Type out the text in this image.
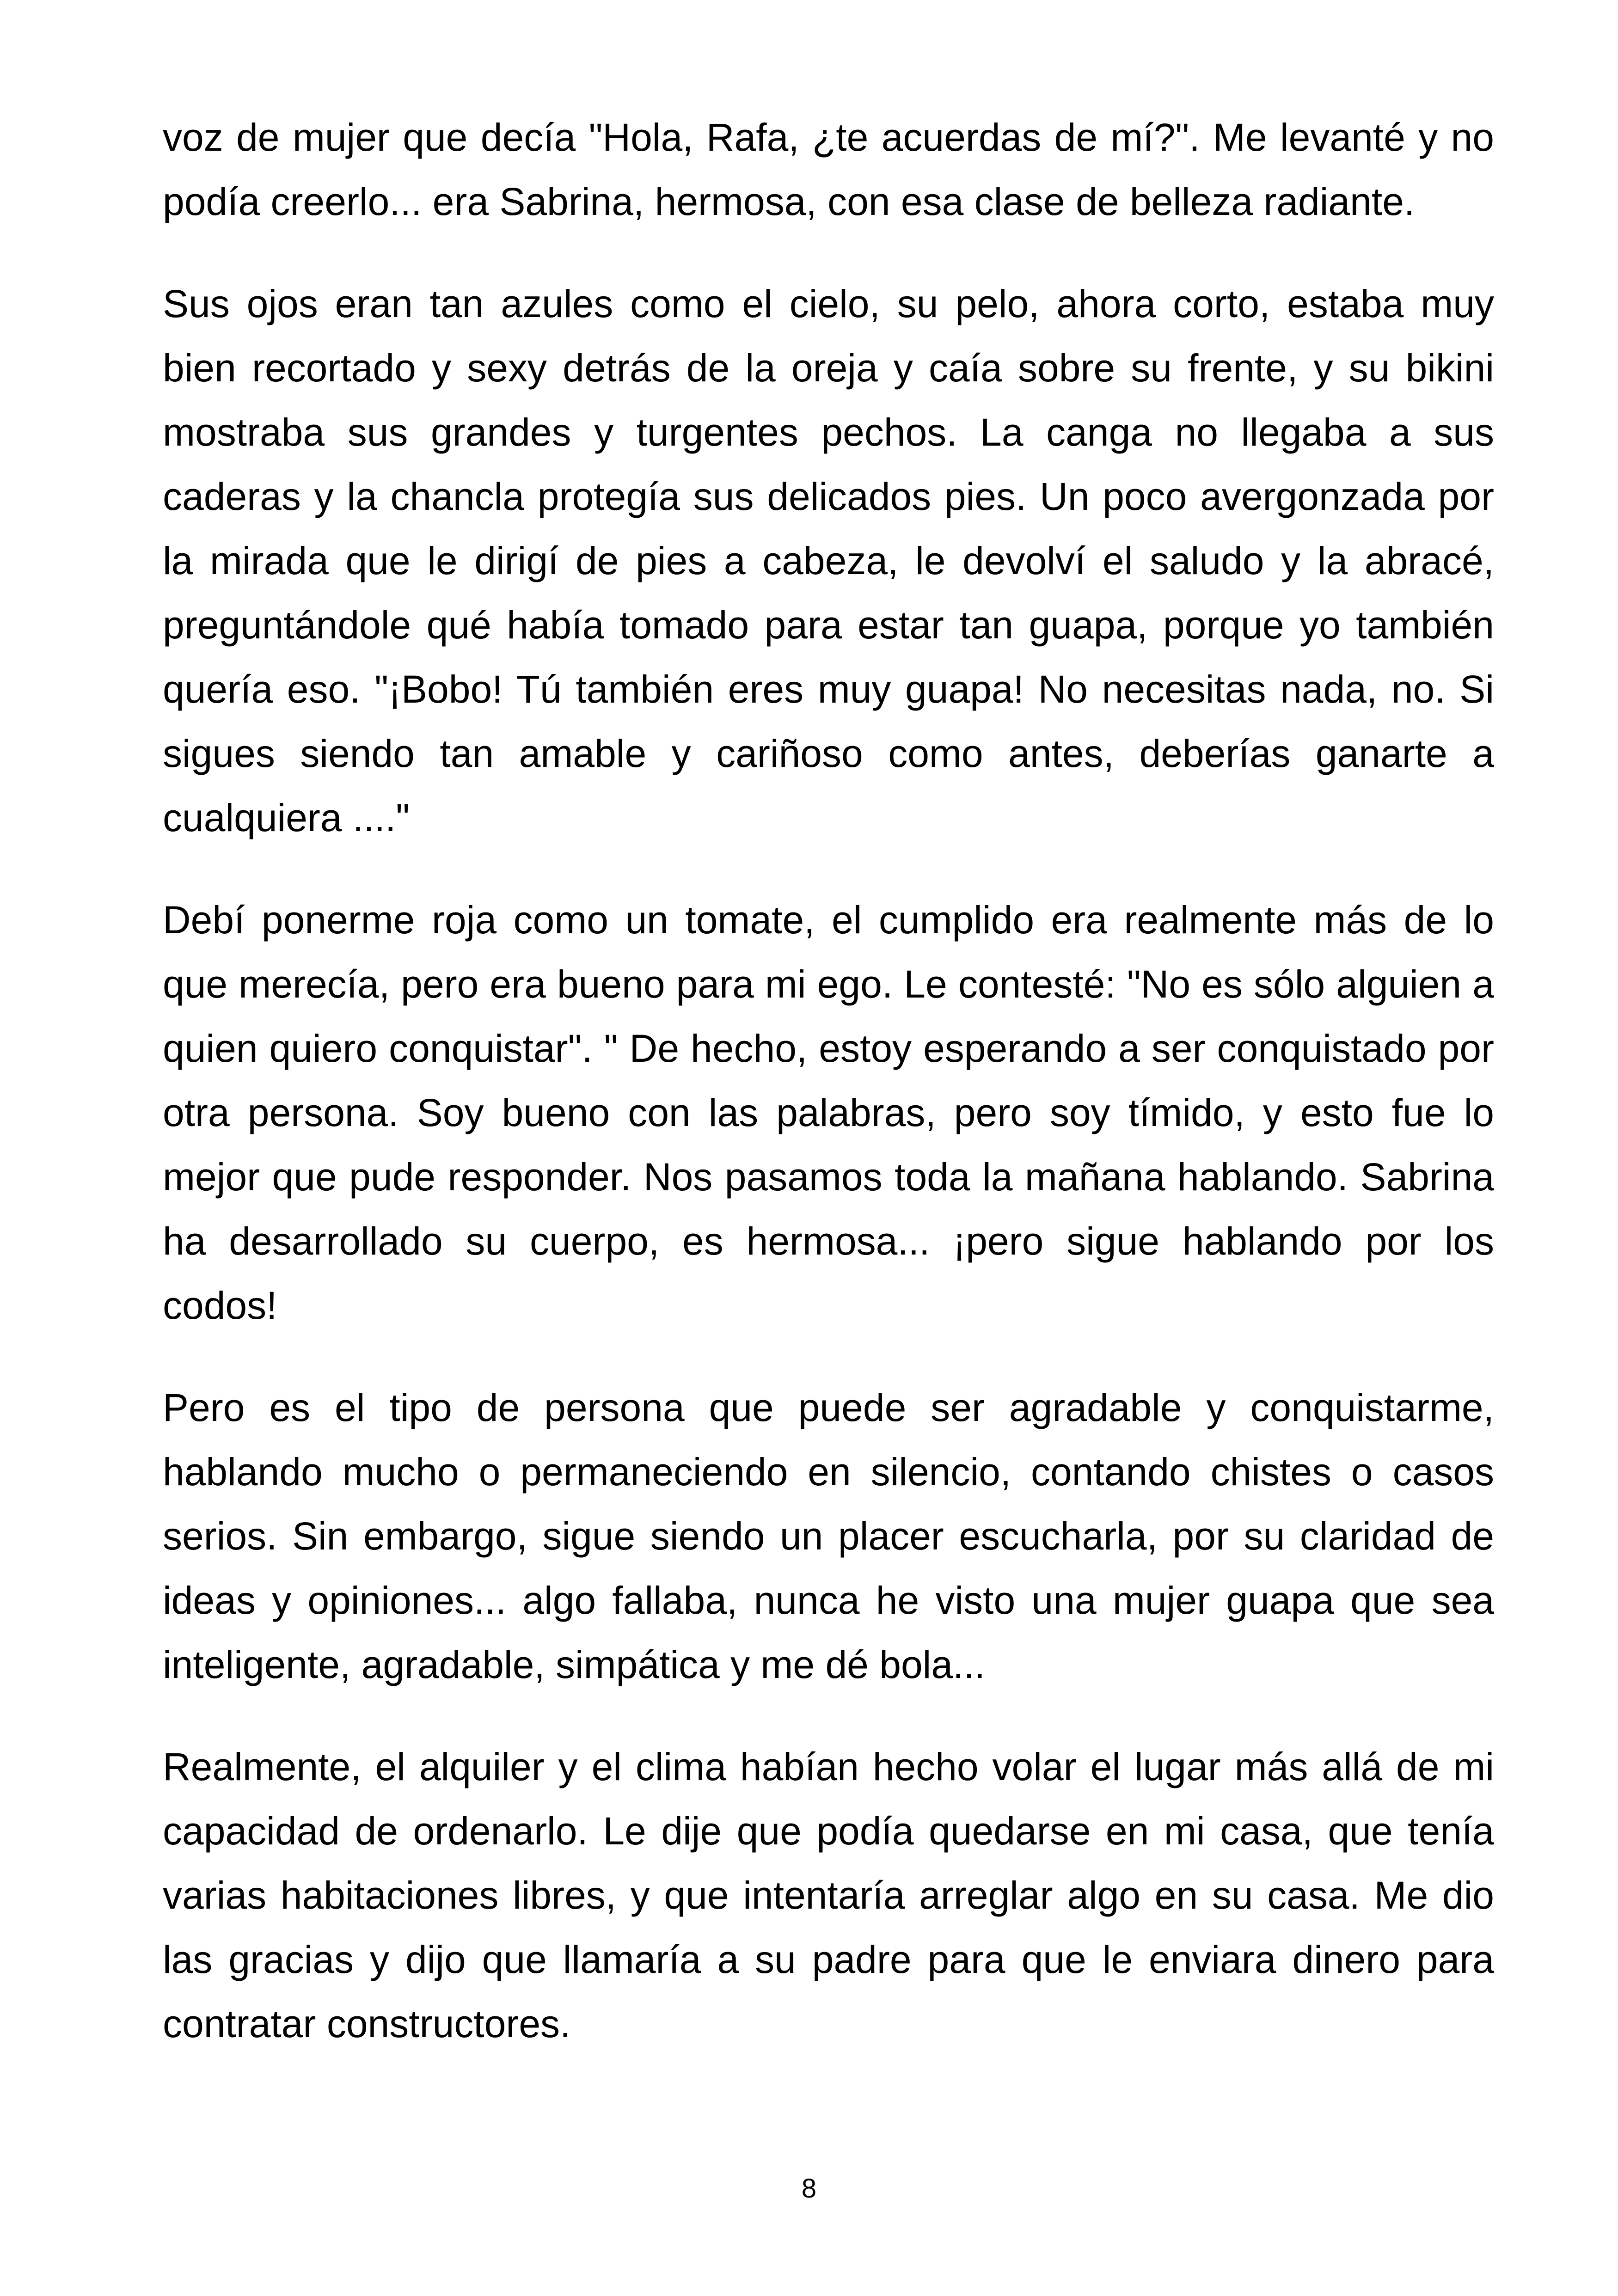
voz de mujer que decía "Hola, Rafa, ¿te acuerdas de mí?". Me levanté y no podía creerlo... era Sabrina, hermosa, con esa clase de belleza radiante.

Sus ojos eran tan azules como el cielo, su pelo, ahora corto, estaba muy bien recortado y sexy detrás de la oreja y caía sobre su frente, y su bikini mostraba sus grandes y turgentes pechos. La canga no llegaba a sus caderas y la chancla protegía sus delicados pies. Un poco avergonzada por la mirada que le dirigí de pies a cabeza, le devolví el saludo y la abracé, preguntándole qué había tomado para estar tan guapa, porque yo también quería eso. "¡Bobo! Tú también eres muy guapa! No necesitas nada, no. Si sigues siendo tan amable y cariñoso como antes, deberías ganarte a cualquiera ...."

Debí ponerme roja como un tomate, el cumplido era realmente más de lo que merecía, pero era bueno para mi ego. Le contesté: "No es sólo alguien a quien quiero conquistar". " De hecho, estoy esperando a ser conquistado por otra persona. Soy bueno con las palabras, pero soy tímido, y esto fue lo mejor que pude responder. Nos pasamos toda la mañana hablando. Sabrina ha desarrollado su cuerpo, es hermosa... ¡pero sigue hablando por los codos!

Pero es el tipo de persona que puede ser agradable y conquistarme, hablando mucho o permaneciendo en silencio, contando chistes o casos serios. Sin embargo, sigue siendo un placer escucharla, por su claridad de ideas y opiniones... algo fallaba, nunca he visto una mujer guapa que sea inteligente, agradable, simpática y me dé bola...

Realmente, el alquiler y el clima habían hecho volar el lugar más allá de mi capacidad de ordenarlo. Le dije que podía quedarse en mi casa, que tenía varias habitaciones libres, y que intentaría arreglar algo en su casa. Me dio las gracias y dijo que llamaría a su padre para que le enviara dinero para contratar constructores.

8
